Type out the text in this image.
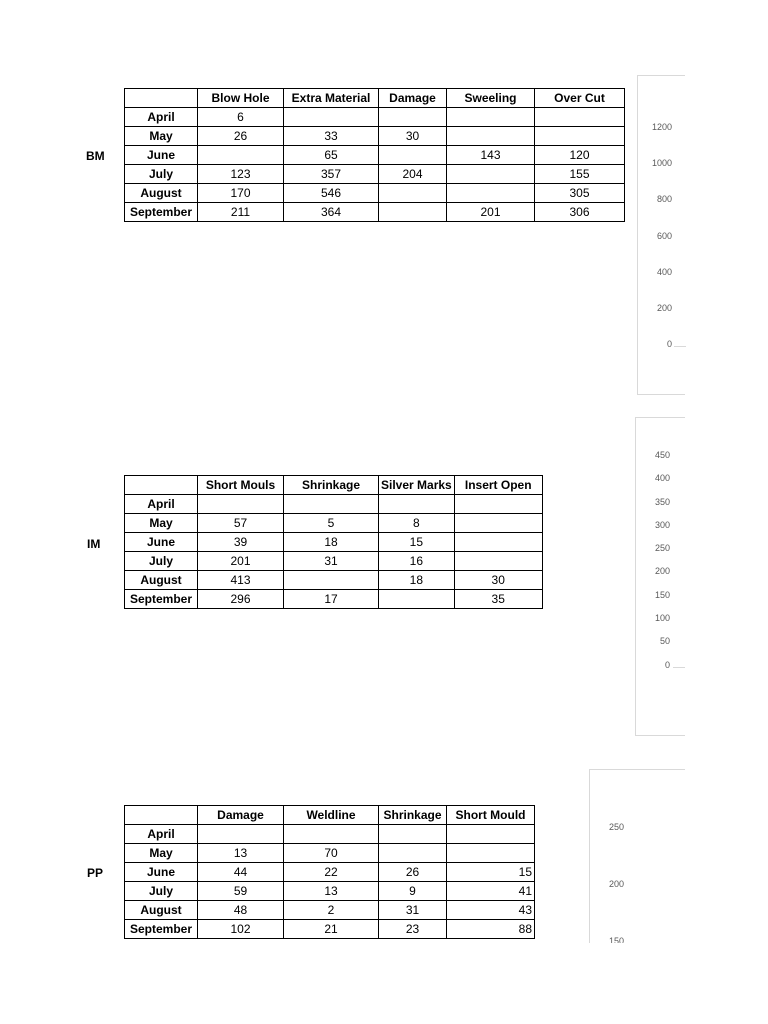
BM
	Blow Hole	Extra Material	Damage	Sweeling	Over Cut
April	6				
May	26	33	30		
June		65		143	120
July	123	357	204		155
August	170	546			305
September	211	364		201	306
1200
1000
800
600
400
200
0
IM
	Short Mouls	Shrinkage	Silver Marks	Insert Open
April				
May	57	5	8	
June	39	18	15	
July	201	31	16	
August	413		18	30
September	296	17		35
450
400
350
300
250
200
150
100
50
0
PP
	Damage	Weldline	Shrinkage	Short Mould
April				
May	13	70		
June	44	22	26	15
July	59	13	9	41
August	48	2	31	43
September	102	21	23	88
250
200
150
